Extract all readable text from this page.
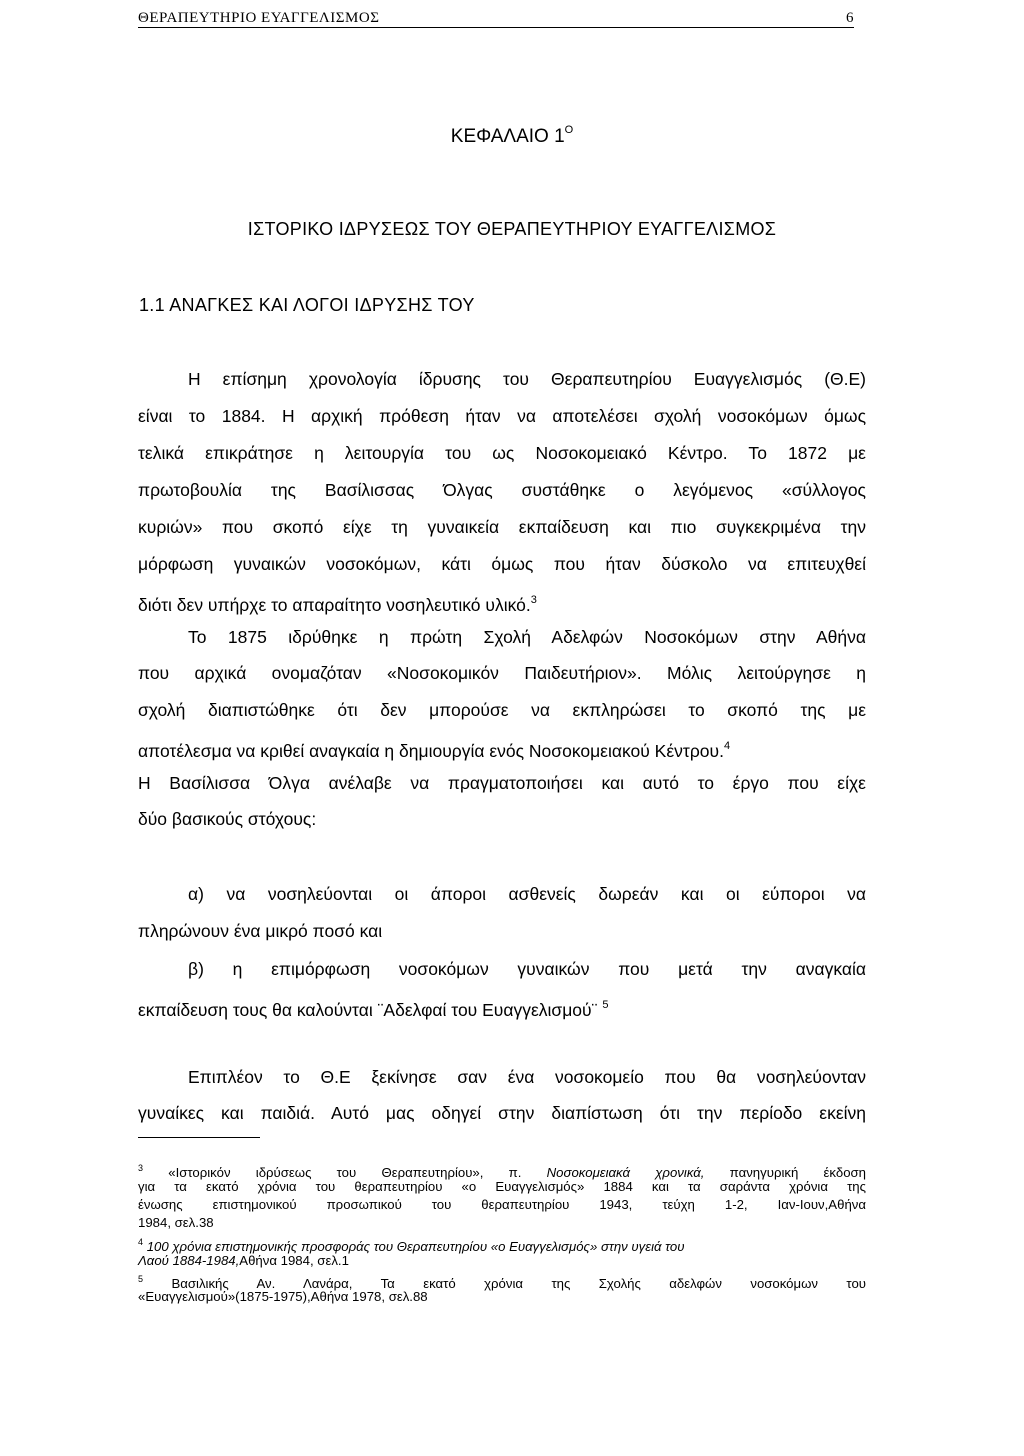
ΘΕΡΑΠΕΥΤΗΡΙΟ ΕΥΑΓΓΕΛΙΣΜΟΣ	6
ΚΕΦΑΛΑΙΟ $1^O$
ΙΣΤΟΡΙΚΟ ΙΔΡΥΣΕΩΣ ΤΟΥ ΘΕΡΑΠΕΥΤΗΡΙΟΥ ΕΥΑΓΓΕΛΙΣΜΟΣ
1.1 ΑΝΑΓΚΕΣ ΚΑΙ ΛΟΓΟΙ ΙΔΡΥΣΗΣ ΤΟΥ
Η επίσημη χρονολογία ίδρυσης του Θεραπευτηρίου Ευαγγελισμός (Θ.Ε)
είναι το 1884. Η αρχική πρόθεση ήταν να αποτελέσει σχολή νοσοκόμων όμως
τελικά επικράτησε η λειτουργία του ως Νοσοκομειακό Κέντρο. Το 1872 με
πρωτοβουλία της Βασίλισσας Όλγας συστάθηκε ο λεγόμενος «σύλλογος
κυριών» που σκοπό είχε τη γυναικεία εκπαίδευση και πιο συγκεκριμένα την
μόρφωση γυναικών νοσοκόμων, κάτι όμως που ήταν δύσκολο να επιτευχθεί
διότι δεν υπήρχε το απαραίτητο νοσηλευτικό υλικό.$^3$
Το 1875 ιδρύθηκε η πρώτη Σχολή Αδελφών Νοσοκόμων στην Αθήνα
που αρχικά ονομαζόταν «Νοσοκομικόν Παιδευτήριον». Μόλις λειτούργησε η
σχολή διαπιστώθηκε ότι δεν μπορούσε να εκπληρώσει το σκοπό της με
αποτέλεσμα να κριθεί αναγκαία η δημιουργία ενός Νοσοκομειακού Κέντρου.$^4$
Η Βασίλισσα Όλγα ανέλαβε να πραγματοποιήσει και αυτό το έργο που είχε
δύο βασικούς στόχους:
α) να νοσηλεύονται οι άποροι ασθενείς δωρεάν και οι εύποροι να
πληρώνουν ένα μικρό ποσό και
β) η επιμόρφωση νοσοκόμων γυναικών που μετά την αναγκαία
εκπαίδευση τους θα καλούνται ¨Αδελφαί του Ευαγγελισμού¨ $^5$
Επιπλέον το Θ.Ε ξεκίνησε σαν ένα νοσοκομείο που θα νοσηλεύονταν
γυναίκες και παιδιά. Αυτό μας οδηγεί στην διαπίστωση ότι την περίοδο εκείνη
$^3$ «Ιστορικόν ιδρύσεως του Θεραπευτηρίου», π. Νοσοκομειακά χρονικά, πανηγυρική έκδοση
για τα εκατό χρόνια του θεραπευτηρίου «ο Ευαγγελισμός» 1884 και τα σαράντα χρόνια της
ένωσης επιστημονικού προσωπικού του θεραπευτηρίου 1943, τεύχη 1-2, Ιαν-Ιουν,Αθήνα
1984, σελ.38
$^4$ 100 χρόνια επιστημονικής προσφοράς του Θεραπευτηρίου «ο Ευαγγελισμός» στην υγειά του
Λαού 1884-1984,Αθήνα 1984, σελ.1
$^5$ Βασιλικής Αν. Λανάρα, Τα εκατό χρόνια της Σχολής αδελφών νοσοκόμων του
«Ευαγγελισμού»(1875-1975),Αθήνα 1978, σελ.88
